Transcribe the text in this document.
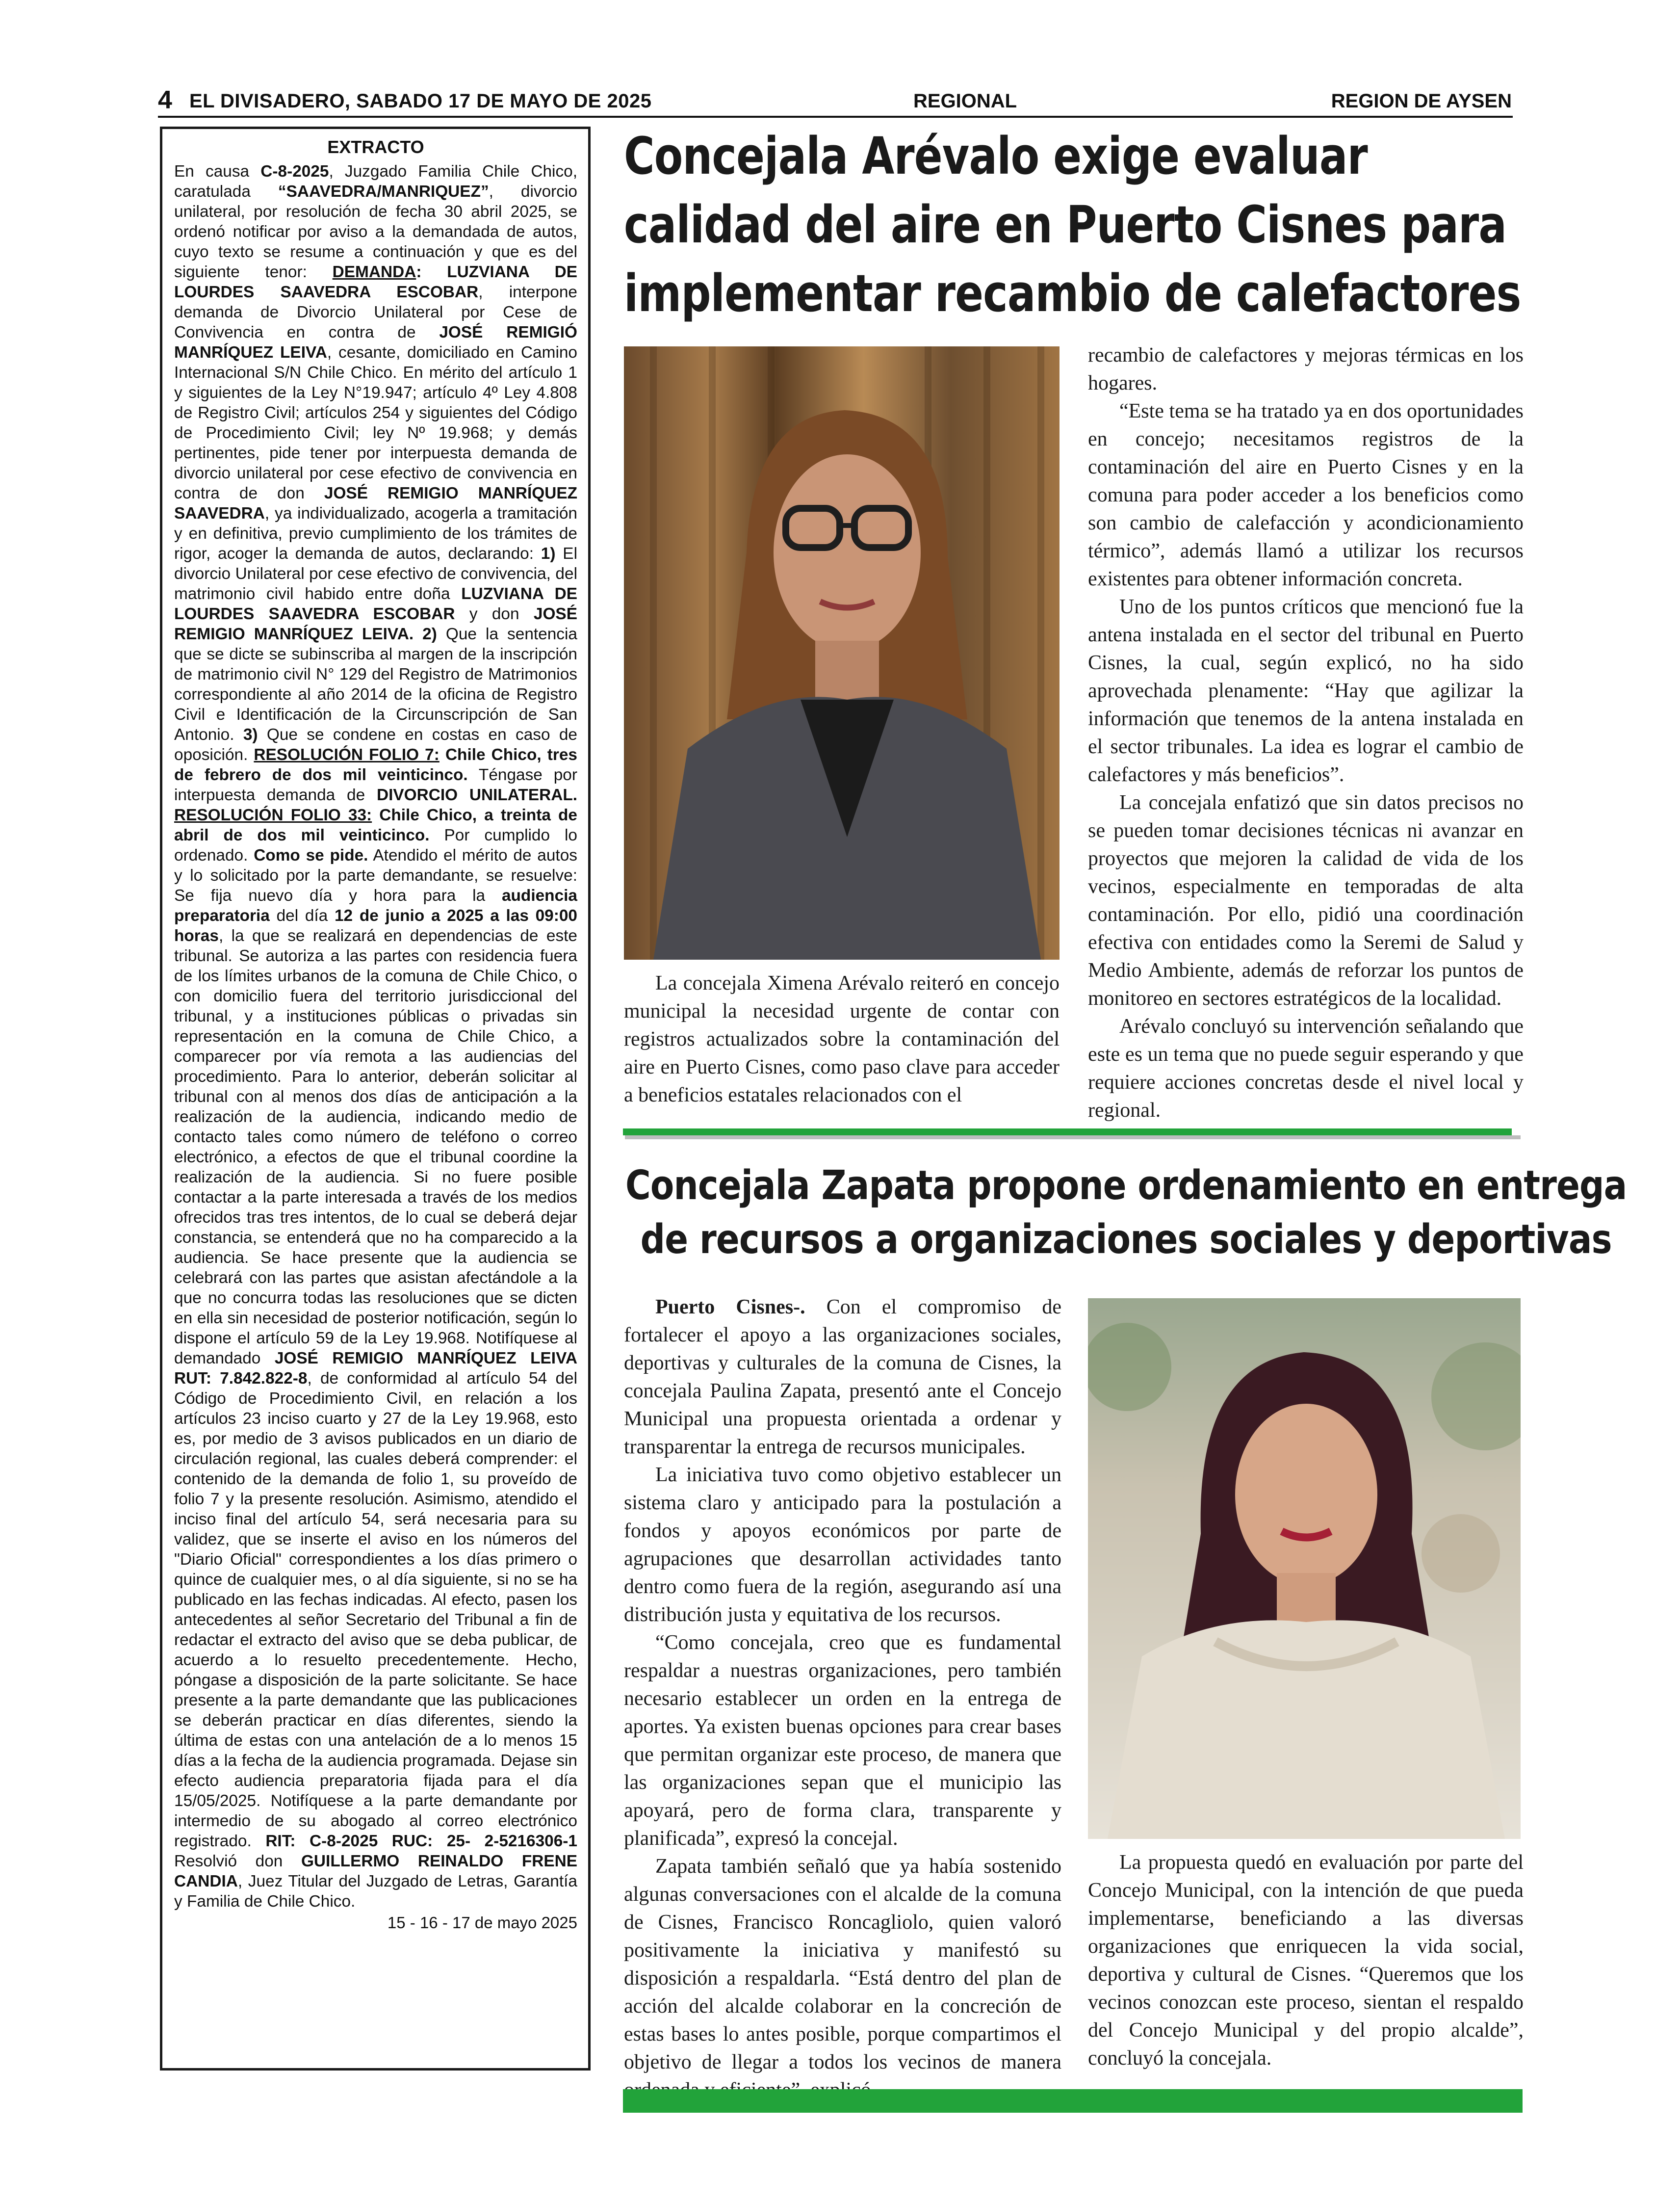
4 EL DIVISADERO, SABADO 17 DE MAYO DE 2025	REGIONAL	REGION DE AYSEN
EXTRACTO
En causa C-8-2025, Juzgado Familia Chile Chico, caratulada “SAAVEDRA/MANRIQUEZ”, divorcio unilateral, por resolución de fecha 30 abril 2025, se ordenó notificar por aviso a la demandada de autos, cuyo texto se resume a continuación y que es del siguiente tenor: DEMANDA: LUZVIANA DE LOURDES SAAVEDRA ESCOBAR, interpone demanda de Divorcio Unilateral por Cese de Convivencia en contra de JOSÉ REMIGIÓ MANRÍQUEZ LEIVA, cesante, domiciliado en Camino Internacional S/N Chile Chico. En mérito del artículo 1 y siguientes de la Ley N°19.947; artículo 4º Ley 4.808 de Registro Civil; artículos 254 y siguientes del Código de Procedimiento Civil; ley Nº 19.968; y demás pertinentes, pide tener por interpuesta demanda de divorcio unilateral por cese efectivo de convivencia en contra de don JOSÉ REMIGIO MANRÍQUEZ SAAVEDRA, ya individualizado, acogerla a tramitación y en definitiva, previo cumplimiento de los trámites de rigor, acoger la demanda de autos, declarando: 1) El divorcio Unilateral por cese efectivo de convivencia, del matrimonio civil habido entre doña LUZVIANA DE LOURDES SAAVEDRA ESCOBAR y don JOSÉ REMIGIO MANRÍQUEZ LEIVA. 2) Que la sentencia que se dicte se subinscriba al margen de la inscripción de matrimonio civil N° 129 del Registro de Matrimonios correspondiente al año 2014 de la oficina de Registro Civil e Identificación de la Circunscripción de San Antonio. 3) Que se condene en costas en caso de oposición. RESOLUCIÓN FOLIO 7: Chile Chico, tres de febrero de dos mil veinticinco. Téngase por interpuesta demanda de DIVORCIO UNILATERAL. RESOLUCIÓN FOLIO 33: Chile Chico, a treinta de abril de dos mil veinticinco. Por cumplido lo ordenado. Como se pide. Atendido el mérito de autos y lo solicitado por la parte demandante, se resuelve: Se fija nuevo día y hora para la audiencia preparatoria del día 12 de junio a 2025 a las 09:00 horas, la que se realizará en dependencias de este tribunal. Se autoriza a las partes con residencia fuera de los límites urbanos de la comuna de Chile Chico, o con domicilio fuera del territorio jurisdiccional del tribunal, y a instituciones públicas o privadas sin representación en la comuna de Chile Chico, a comparecer por vía remota a las audiencias del procedimiento. Para lo anterior, deberán solicitar al tribunal con al menos dos días de anticipación a la realización de la audiencia, indicando medio de contacto tales como número de teléfono o correo electrónico, a efectos de que el tribunal coordine la realización de la audiencia. Si no fuere posible contactar a la parte interesada a través de los medios ofrecidos tras tres intentos, de lo cual se deberá dejar constancia, se entenderá que no ha comparecido a la audiencia. Se hace presente que la audiencia se celebrará con las partes que asistan afectándole a la que no concurra todas las resoluciones que se dicten en ella sin necesidad de posterior notificación, según lo dispone el artículo 59 de la Ley 19.968. Notifíquese al demandado JOSÉ REMIGIO MANRÍQUEZ LEIVA RUT: 7.842.822-8, de conformidad al artículo 54 del Código de Procedimiento Civil, en relación a los artículos 23 inciso cuarto y 27 de la Ley 19.968, esto es, por medio de 3 avisos publicados en un diario de circulación regional, las cuales deberá comprender: el contenido de la demanda de folio 1, su proveído de folio 7 y la presente resolución. Asimismo, atendido el inciso final del artículo 54, será necesaria para su validez, que se inserte el aviso en los números del "Diario Oficial" correspondientes a los días primero o quince de cualquier mes, o al día siguiente, si no se ha publicado en las fechas indicadas. Al efecto, pasen los antecedentes al señor Secretario del Tribunal a fin de redactar el extracto del aviso que se deba publicar, de acuerdo a lo resuelto precedentemente. Hecho, póngase a disposición de la parte solicitante. Se hace presente a la parte demandante que las publicaciones se deberán practicar en días diferentes, siendo la última de estas con una antelación de a lo menos 15 días a la fecha de la audiencia programada. Dejase sin efecto audiencia preparatoria fijada para el día 15/05/2025. Notifíquese a la parte demandante por intermedio de su abogado al correo electrónico registrado. RIT: C-8-2025 RUC: 25- 2-5216306-1 Resolvió don GUILLERMO REINALDO FRENE CANDIA, Juez Titular del Juzgado de Letras, Garantía y Familia de Chile Chico.
15 - 16 - 17 de mayo 2025
Concejala Arévalo exige evaluar
calidad del aire en Puerto Cisnes para
implementar recambio de calefactores

La concejala Ximena Arévalo reiteró en concejo municipal la necesidad urgente de contar con registros actualizados sobre la contaminación del aire en Puerto Cisnes, como paso clave para acceder a beneficios estatales relacionados con el

recambio de calefactores y mejoras térmicas en los hogares.

“Este tema se ha tratado ya en dos oportunidades en concejo; necesitamos registros de la contaminación del aire en Puerto Cisnes y en la comuna para poder acceder a los beneficios como son cambio de calefacción y acondicionamiento térmico”, además llamó a utilizar los recursos existentes para obtener información concreta.

Uno de los puntos críticos que mencionó fue la antena instalada en el sector del tribunal en Puerto Cisnes, la cual, según explicó, no ha sido aprovechada plenamente: “Hay que agilizar la información que tenemos de la antena instalada en el sector tribunales. La idea es lograr el cambio de calefactores y más beneficios”.

La concejala enfatizó que sin datos precisos no se pueden tomar decisiones técnicas ni avanzar en proyectos que mejoren la calidad de vida de los vecinos, especialmente en temporadas de alta contaminación. Por ello, pidió una coordinación efectiva con entidades como la Seremi de Salud y Medio Ambiente, además de reforzar los puntos de monitoreo en sectores estratégicos de la localidad.

Arévalo concluyó su intervención señalando que este es un tema que no puede seguir esperando y que requiere acciones concretas desde el nivel local y regional.

Concejala Zapata propone ordenamiento en entrega
de recursos a organizaciones sociales y deportivas

Puerto Cisnes-. Con el compromiso de fortalecer el apoyo a las organizaciones sociales, deportivas y culturales de la comuna de Cisnes, la concejala Paulina Zapata, presentó ante el Concejo Municipal una propuesta orientada a ordenar y transparentar la entrega de recursos municipales.

La iniciativa tuvo como objetivo establecer un sistema claro y anticipado para la postulación a fondos y apoyos económicos por parte de agrupaciones que desarrollan actividades tanto dentro como fuera de la región, asegurando así una distribución justa y equitativa de los recursos.

“Como concejala, creo que es fundamental respaldar a nuestras organizaciones, pero también necesario establecer un orden en la entrega de aportes. Ya existen buenas opciones para crear bases que permitan organizar este proceso, de manera que las organizaciones sepan que el municipio las apoyará, pero de forma clara, transparente y planificada”, expresó la concejal.

Zapata también señaló que ya había sostenido algunas conversaciones con el alcalde de la comuna de Cisnes, Francisco Roncagliolo, quien valoró positivamente la iniciativa y manifestó su disposición a respaldarla. “Está dentro del plan de acción del alcalde colaborar en la concreción de estas bases lo antes posible, porque compartimos el objetivo de llegar a todos los vecinos de manera

La propuesta quedó en evaluación por parte del Concejo Municipal, con la intención de que pueda implementarse, beneficiando a las diversas organizaciones que enriquecen la vida social, deportiva y cultural de Cisnes. “Queremos que los vecinos conozcan este proceso, sientan el respaldo del Concejo Municipal y del propio alcalde”, concluyó la concejala.
